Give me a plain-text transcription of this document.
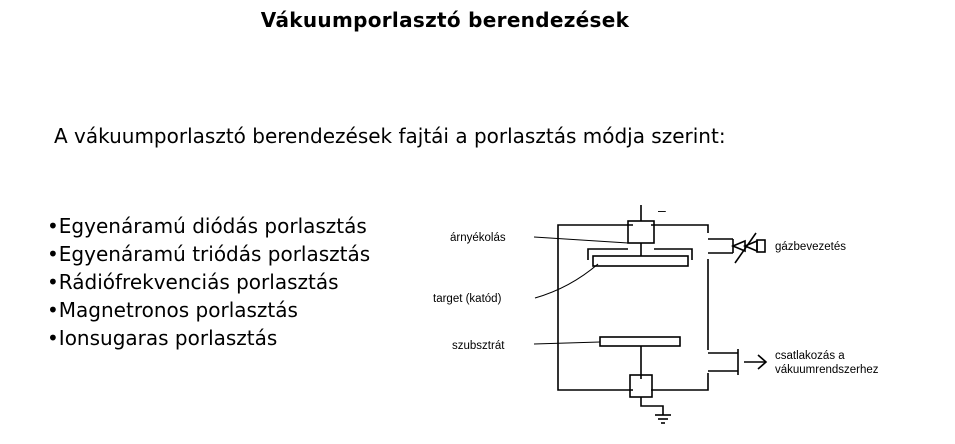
Vákuumporlasztó berendezések
A vákuumporlasztó berendezések fajtái a porlasztás módja szerint:
• Egyenáramú diódás porlasztás
• Egyenáramú triódás porlasztás
• Rádiófrekvenciás porlasztás
• Magnetronos porlasztás
• Ionsugaras porlasztás
–
árnyékolás
target (katód)
szubsztrát
gázbevezetés
csatlakozás a
vákuumrendszerhez
